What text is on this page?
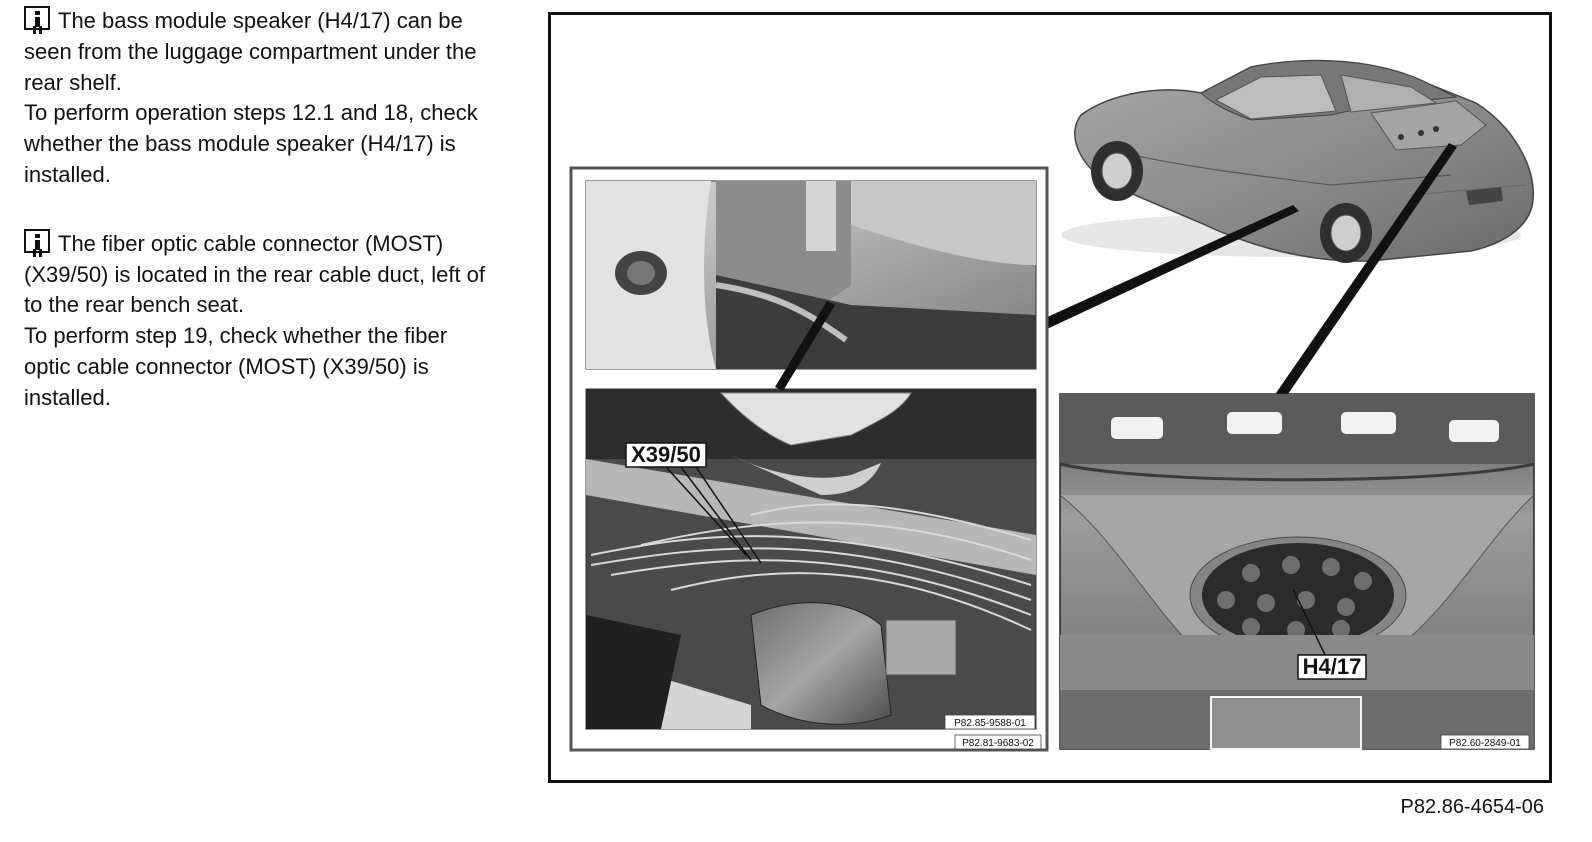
The bass module speaker (H4/17) can be seen from the luggage compartment under the rear shelf.

To perform operation steps 12.1 and 18, check whether the bass module speaker (H4/17) is installed.

The fiber optic cable connector (MOST) (X39/50) is located in the rear cable duct, left of to the rear bench seat.

To perform step 19, check whether the fiber optic cable connector (MOST) (X39/50) is installed.

X39/50
P82.85-9588-01
P82.81-9683-02
H4/17
P82.60-2849-01
P82.86-4654-06
